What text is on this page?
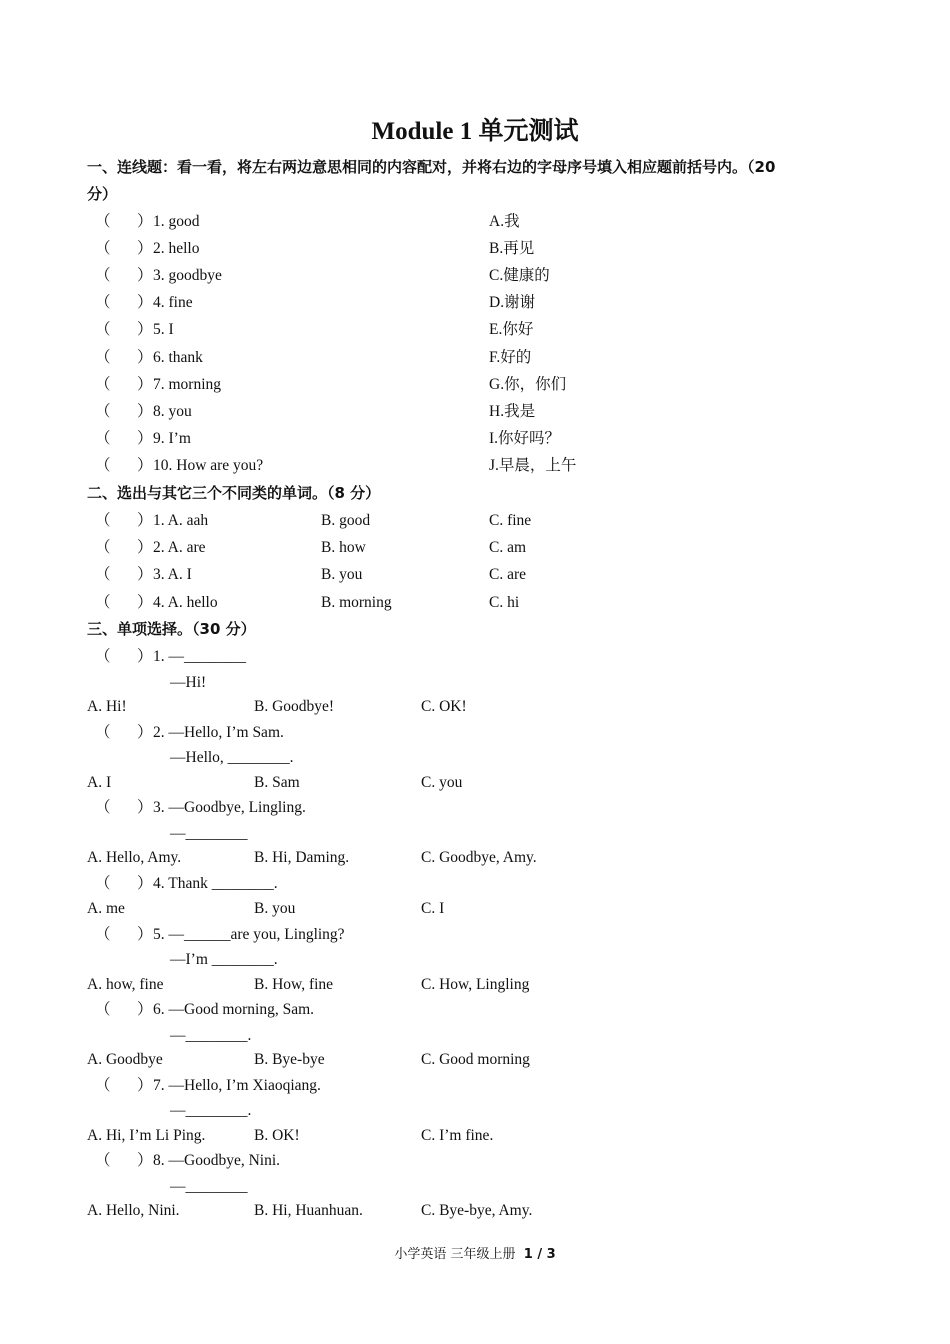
Module 1 单元测试
一、连线题：看一看，将左右两边意思相同的内容配对，并将右边的字母序号填入相应题前括号内。（20
分）
（ ） 1. good	A.我
（ ） 2. hello	B.再见
（ ） 3. goodbye	C.健康的
（ ） 4. fine	D.谢谢
（ ） 5. I	E.你好
（ ） 6. thank	F.好的
（ ） 7. morning	G.你，你们
（ ） 8. you	H.我是
（ ） 9. I’m	I.你好吗？
（ ） 10. How are you?	J.早晨，上午
二、选出与其它三个不同类的单词。（8 分）
（ ） 1. A. aah	B. good	C. fine
（ ） 2. A. are	B. how	C. am
（ ） 3. A. I	B. you	C. are
（ ） 4. A. hello	B. morning	C. hi
三、单项选择。（30 分）
（ ） 1. —________
—Hi!
A. Hi!	B. Goodbye!	C. OK!
（ ） 2. —Hello, I’m Sam.
—Hello, ________.
A. I	B. Sam	C. you
（ ） 3. —Goodbye, Lingling.
—________
A. Hello, Amy.	B. Hi, Daming.	C. Goodbye, Amy.
（ ） 4. Thank ________.
A. me	B. you	C. I
（ ） 5. —______are you, Lingling?
—I’m ________.
A. how, fine	B. How, fine	C. How, Lingling
（ ） 6. —Good morning, Sam.
—________.
A. Goodbye	B. Bye-bye	C. Good morning
（ ） 7. —Hello, I’m Xiaoqiang.
—________.
A. Hi, I’m Li Ping.	B. OK!	C. I’m fine.
（ ） 8. —Goodbye, Nini.
—________
A. Hello, Nini.	B. Hi, Huanhuan.	C. Bye-bye, Amy.
小学英语 三年级上册 1 / 3
